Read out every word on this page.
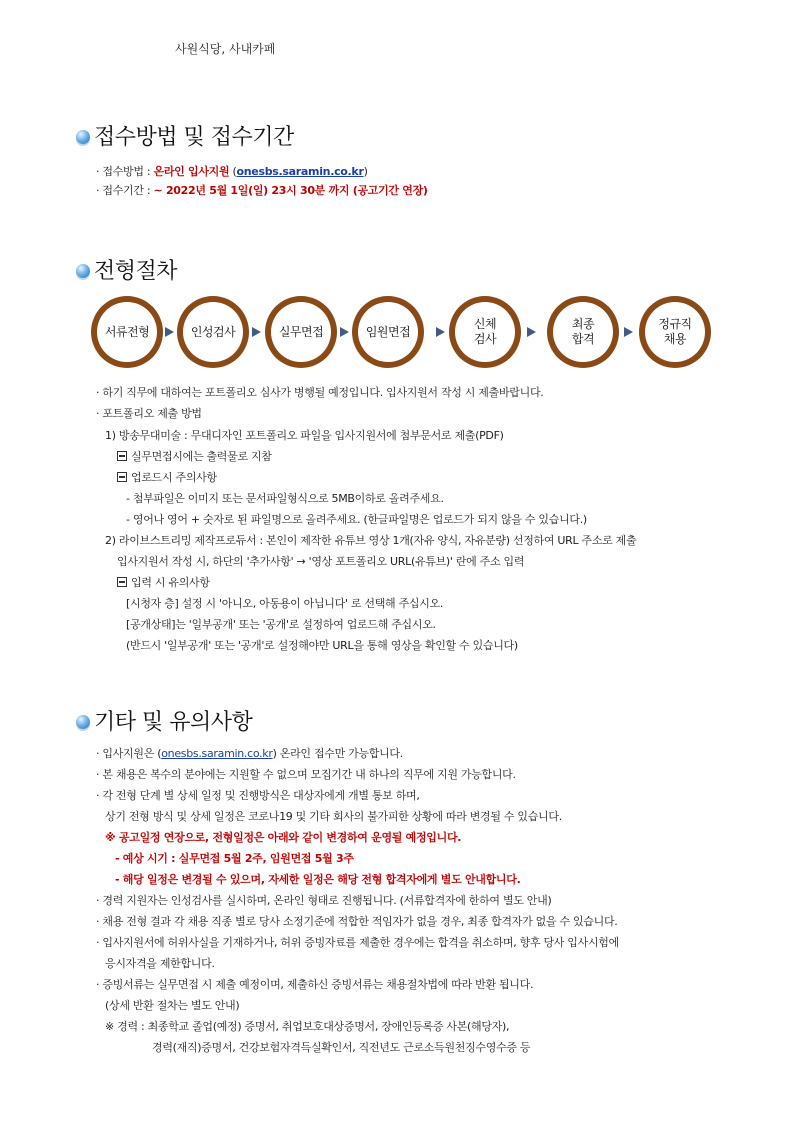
사원식당, 사내카페
접수방법 및 접수기간
· 접수방법 : 온라인 입사지원 (onesbs.saramin.co.kr)
· 접수기간 : ~ 2022년 5월 1일(일) 23시 30분 까지 (공고기간 연장)
전형절차
서류전형	인성검사	실무면접	임원면접
신체
검사
최종
합격
정규직
채용
· 하기 직무에 대하여는 포트폴리오 심사가 병행될 예정입니다. 입사지원서 작성 시 제출바랍니다.
· 포트폴리오 제출 방법
1) 방송무대미술 : 무대디자인 포트폴리오 파일을 입사지원서에 첨부문서로 제출(PDF)
실무면접시에는 출력물로 지참
업로드시 주의사항
- 첨부파일은 이미지 또는 문서파일형식으로 5MB이하로 올려주세요.
- 영어나 영어 + 숫자로 된 파일명으로 올려주세요. (한글파일명은 업로드가 되지 않을 수 있습니다.)
2) 라이브스트리밍 제작프로듀서 : 본인이 제작한 유튜브 영상 1개(자유 양식, 자유분량) 선정하여 URL 주소로 제출
입사지원서 작성 시, 하단의 '추가사항' → '영상 포트폴리오 URL(유튜브)' 란에 주소 입력
입력 시 유의사항
[시청자 층] 설정 시 '아니오, 아동용이 아닙니다' 로 선택해 주십시오.
[공개상태]는 '일부공개' 또는 '공개'로 설정하여 업로드해 주십시오.
(반드시 '일부공개' 또는 '공개'로 설정해야만 URL을 통해 영상을 확인할 수 있습니다)
기타 및 유의사항
· 입사지원은 (onesbs.saramin.co.kr) 온라인 접수만 가능합니다.
· 본 채용은 복수의 분야에는 지원할 수 없으며 모집기간 내 하나의 직무에 지원 가능합니다.
· 각 전형 단계 별 상세 일정 및 진행방식은 대상자에게 개별 통보 하며,
상기 전형 방식 및 상세 일정은 코로나19 및 기타 회사의 불가피한 상황에 따라 변경될 수 있습니다.
※ 공고일정 연장으로, 전형일정은 아래와 같이 변경하여 운영될 예정입니다.
- 예상 시기 : 실무면접 5월 2주, 임원면접 5월 3주
- 해당 일정은 변경될 수 있으며, 자세한 일정은 해당 전형 합격자에게 별도 안내합니다.
· 경력 지원자는 인성검사를 실시하며, 온라인 형태로 진행됩니다. (서류합격자에 한하여 별도 안내)
· 채용 전형 결과 각 채용 직종 별로 당사 소정기준에 적합한 적임자가 없을 경우, 최종 합격자가 없을 수 있습니다.
· 입사지원서에 허위사실을 기재하거나, 허위 증빙자료를 제출한 경우에는 합격을 취소하며, 향후 당사 입사시험에
응시자격을 제한합니다.
· 증빙서류는 실무면접 시 제출 예정이며, 제출하신 증빙서류는 채용절차법에 따라 반환 됩니다.
(상세 반환 절차는 별도 안내)
※ 경력 : 최종학교 졸업(예정) 증명서, 취업보호대상증명서, 장애인등록증 사본(해당자),
경력(재직)증명서, 건강보험자격득실확인서, 직전년도 근로소득원천징수영수증 등
